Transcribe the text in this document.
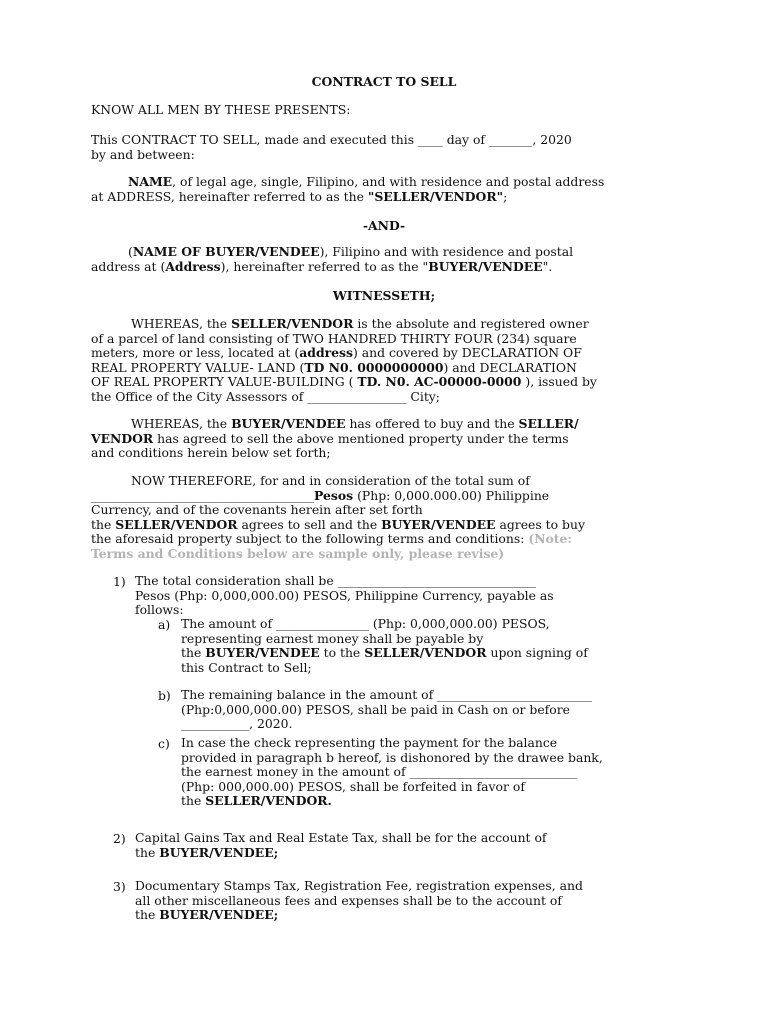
CONTRACT TO SELL

KNOW ALL MEN BY THESE PRESENTS:

This CONTRACT TO SELL, made and executed this ____ day of _______, 2020

by and between:

NAME, of legal age, single, Filipino, and with residence and postal address

at ADDRESS, hereinafter referred to as the "SELLER/VENDOR";

-AND-

(NAME OF BUYER/VENDEE), Filipino and with residence and postal

address at (Address), hereinafter referred to as the "BUYER/VENDEE".

WITNESSETH;

WHEREAS, the SELLER/VENDOR is the absolute and registered owner

of a parcel of land consisting of TWO HANDRED THIRTY FOUR (234) square

meters, more or less, located at (address) and covered by DECLARATION OF

REAL PROPERTY VALUE- LAND (TD N0. 0000000000) and DECLARATION

OF REAL PROPERTY VALUE-BUILDING ( TD. N0. AC-00000-0000 ), issued by

the Office of the City Assessors of ________________ City;

WHEREAS, the BUYER/VENDEE has offered to buy and the SELLER/

VENDOR has agreed to sell the above mentioned property under the terms

and conditions herein below set forth;

NOW THEREFORE, for and in consideration of the total sum of

____________________________________Pesos (Php: 0,000.000.00) Philippine

Currency, and of the covenants herein after set forth

the SELLER/VENDOR agrees to sell and the BUYER/VENDEE agrees to buy

the aforesaid property subject to the following terms and conditions: (Note:

Terms and Conditions below are sample only, please revise)

1) The total consideration shall be ________________________________

Pesos (Php: 0,000,000.00) PESOS, Philippine Currency, payable as

follows:

a) The amount of _______________ (Php: 0,000,000.00) PESOS,

representing earnest money shall be payable by

the BUYER/VENDEE to the SELLER/VENDOR upon signing of

this Contract to Sell;

b) The remaining balance in the amount of _________________________

(Php:0,000,000.00) PESOS, shall be paid in Cash on or before

___________, 2020.

c) In case the check representing the payment for the balance

provided in paragraph b hereof, is dishonored by the drawee bank,

the earnest money in the amount of ___________________________

(Php: 000,000.00) PESOS, shall be forfeited in favor of

the SELLER/VENDOR.

2) Capital Gains Tax and Real Estate Tax, shall be for the account of

the BUYER/VENDEE;

3) Documentary Stamps Tax, Registration Fee, registration expenses, and

all other miscellaneous fees and expenses shall be to the account of

the BUYER/VENDEE;
